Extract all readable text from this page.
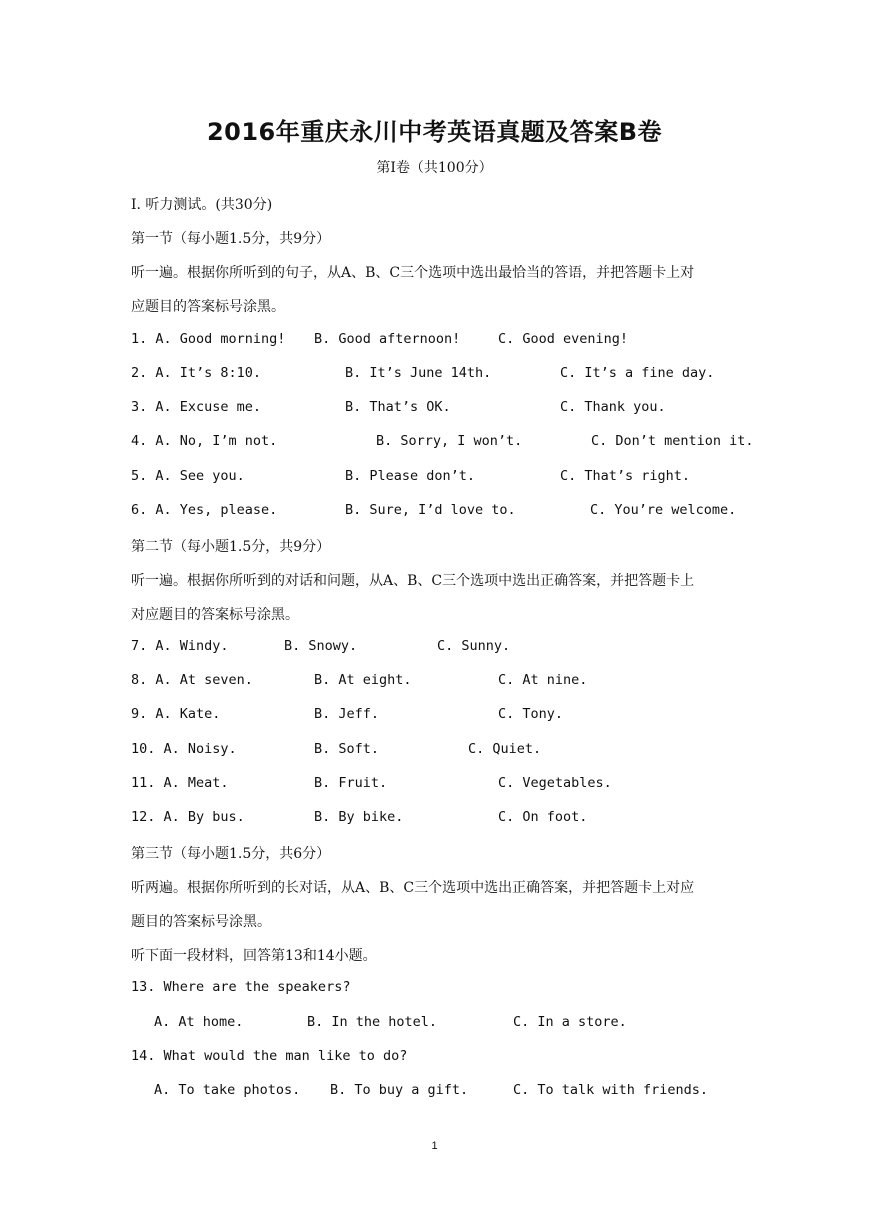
2016年重庆永川中考英语真题及答案B卷
第Ⅰ卷（共100分）
I. 听力测试。(共30分)
第一节（每小题1.5分，共9分）
听一遍。根据你所听到的句子，从A、B、C三个选项中选出最恰当的答语，并把答题卡上对
应题目的答案标号涂黑。
1. A. Good morning! B. Good afternoon!	C. Good evening!
2. A. It’s 8:10.	B. It’s June 14th.	C. It’s a fine day.
3. A. Excuse me.	B. That’s OK.	C. Thank you.
4. A. No, I’m not.	B. Sorry, I won’t.	C. Don’t mention it.
5. A. See you.	B. Please don’t.	C. That’s right.
6. A. Yes, please.	B. Sure, I’d love to.	C. You’re welcome.
第二节（每小题1.5分，共9分）
听一遍。根据你所听到的对话和问题，从A、B、C三个选项中选出正确答案，并把答题卡上
对应题目的答案标号涂黑。
7. A. Windy.	B. Snowy.	C. Sunny.
8. A. At seven.	B. At eight.	C. At nine.
9. A. Kate.	B. Jeff.	C. Tony.
10. A. Noisy.	B. Soft.	C. Quiet.
11. A. Meat.	B. Fruit.	C. Vegetables.
12. A. By bus.	B. By bike.	C. On foot.
第三节（每小题1.5分，共6分）
听两遍。根据你所听到的长对话，从A、B、C三个选项中选出正确答案，并把答题卡上对应
题目的答案标号涂黑。
听下面一段材料，回答第13和14小题。
13. Where are the speakers?
A. At home.	B. In the hotel.	C. In a store.
14. What would the man like to do?
A. To take photos. B. To buy a gift.	C. To talk with friends.
1
